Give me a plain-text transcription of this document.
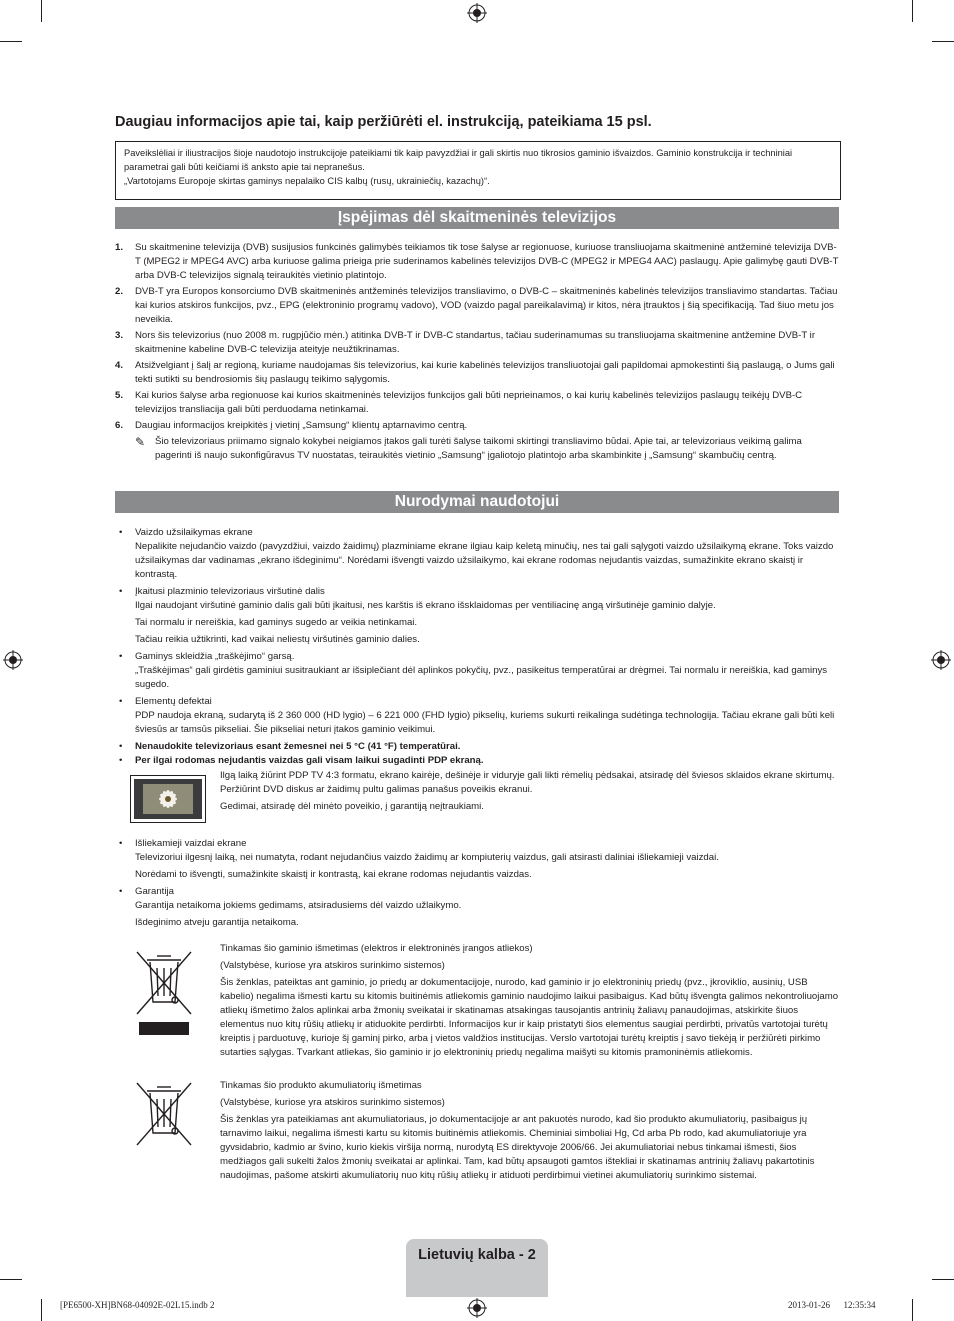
Daugiau informacijos apie tai, kaip peržiūrėti el. instrukciją, pateikiama 15 psl.

Paveikslėliai ir iliustracijos šioje naudotojo instrukcijoje pateikiami tik kaip pavyzdžiai ir gali skirtis nuo tikrosios gaminio išvaizdos. Gaminio konstrukcija ir techniniai parametrai gali būti keičiami iš anksto apie tai nepranešus.

„Vartotojams Europoje skirtas gaminys nepalaiko CIS kalbų (rusų, ukrainiečių, kazachų)“.

Įspėjimas dėl skaitmeninės televizijos
1. Su skaitmenine televizija (DVB) susijusios funkcinės galimybės teikiamos tik tose šalyse ar regionuose, kuriuose transliuojama skaitmeninė antžeminė televizija DVB-T (MPEG2 ir MPEG4 AVC) arba kuriuose galima prieiga prie suderinamos kabelinės televizijos DVB-C (MPEG2 ir MPEG4 AAC) paslaugų. Apie galimybę gauti DVB-T arba DVB-C televizijos signalą teiraukitės vietinio platintojo.
2. DVB-T yra Europos konsorciumo DVB skaitmeninės antžeminės televizijos transliavimo, o DVB-C – skaitmeninės kabelinės televizijos transliavimo standartas. Tačiau kai kurios atskiros funkcijos, pvz., EPG (elektroninio programų vadovo), VOD (vaizdo pagal pareikalavimą) ir kitos, nėra įtrauktos į šią specifikaciją. Tad šiuo metu jos neveikia.
3. Nors šis televizorius (nuo 2008 m. rugpjūčio mėn.) atitinka DVB-T ir DVB-C standartus, tačiau suderinamumas su transliuojama skaitmenine antžemine DVB-T ir skaitmenine kabeline DVB-C televizija ateityje neužtikrinamas.
4. Atsižvelgiant į šalį ar regioną, kuriame naudojamas šis televizorius, kai kurie kabelinės televizijos transliuotojai gali papildomai apmokestinti šią paslaugą, o Jums gali tekti sutikti su bendrosiomis šių paslaugų teikimo sąlygomis.
5. Kai kurios šalyse arba regionuose kai kurios skaitmeninės televizijos funkcijos gali būti neprieinamos, o kai kurių kabelinės televizijos paslaugų teikėjų DVB-C televizijos transliacija gali būti perduodama netinkamai.
6. Daugiau informacijos kreipkitės į vietinį „Samsung“ klientų aptarnavimo centrą.
✎ Šio televizoriaus priimamo signalo kokybei neigiamos įtakos gali turėti šalyse taikomi skirtingi transliavimo būdai. Apie tai, ar televizoriaus veikimą galima pagerinti iš naujo sukonfigūravus TV nuostatas, teiraukitės vietinio „Samsung“ įgaliotojo platintojo arba skambinkite į „Samsung“ skambučių centrą.
Nurodymai naudotojui
• Vaizdo užsilaikymas ekrane
Nepalikite nejudančio vaizdo (pavyzdžiui, vaizdo žaidimų) plazminiame ekrane ilgiau kaip keletą minučių, nes tai gali sąlygoti vaizdo užsilaikymą ekrane. Toks vaizdo užsilaikymas dar vadinamas „ekrano išdeginimu“. Norėdami išvengti vaizdo užsilaikymo, kai ekrane rodomas nejudantis vaizdas, sumažinkite ekrano skaistį ir kontrastą.
• Įkaitusi plazminio televizoriaus viršutinė dalis
Ilgai naudojant viršutinė gaminio dalis gali būti įkaitusi, nes karštis iš ekrano išsklaidomas per ventiliacinę angą viršutinėje gaminio dalyje.
Tai normalu ir nereiškia, kad gaminys sugedo ar veikia netinkamai.
Tačiau reikia užtikrinti, kad vaikai neliestų viršutinės gaminio dalies.
• Gaminys skleidžia „traškėjimo“ garsą.
„Traškėjimas“ gali girdėtis gaminiui susitraukiant ar išsiplečiant dėl aplinkos pokyčių, pvz., pasikeitus temperatūrai ar drėgmei. Tai normalu ir nereiškia, kad gaminys sugedo.
• Elementų defektai
PDP naudoja ekraną, sudarytą iš 2 360 000 (HD lygio) – 6 221 000 (FHD lygio) pikselių, kuriems sukurti reikalinga sudėtinga technologija. Tačiau ekrane gali būti keli šviesūs ar tamsūs pikseliai. Šie pikseliai neturi įtakos gaminio veikimui.
• Nenaudokite televizoriaus esant žemesnei nei 5 °C (41 °F) temperatūrai.
• Per ilgai rodomas nejudantis vaizdas gali visam laikui sugadinti PDP ekraną.
Ilgą laiką žiūrint PDP TV 4:3 formatu, ekrano kairėje, dešinėje ir viduryje gali likti rėmelių pėdsakai, atsiradę dėl šviesos sklaidos ekrane skirtumų. Peržiūrint DVD diskus ar žaidimų pultu galimas panašus poveikis ekranui.
Gedimai, atsiradę dėl minėto poveikio, į garantiją neįtraukiami.
• Išliekamieji vaizdai ekrane
Televizoriui ilgesnį laiką, nei numatyta, rodant nejudančius vaizdo žaidimų ar kompiuterių vaizdus, gali atsirasti daliniai išliekamieji vaizdai.
Norėdami to išvengti, sumažinkite skaistį ir kontrastą, kai ekrane rodomas nejudantis vaizdas.
• Garantija
Garantija netaikoma jokiems gedimams, atsiradusiems dėl vaizdo užlaikymo.
Išdeginimo atveju garantija netaikoma.
Tinkamas šio gaminio išmetimas (elektros ir elektroninės įrangos atliekos)
(Valstybėse, kuriose yra atskiros surinkimo sistemos)
Šis ženklas, pateiktas ant gaminio, jo priedų ar dokumentacijoje, nurodo, kad gaminio ir jo elektroninių priedų (pvz., įkroviklio, ausinių, USB kabelio) negalima išmesti kartu su kitomis buitinėmis atliekomis gaminio naudojimo laikui pasibaigus. Kad būtų išvengta galimos nekontroliuojamo atliekų išmetimo žalos aplinkai arba žmonių sveikatai ir skatinamas atsakingas tausojantis antrinių žaliavų panaudojimas, atskirkite šiuos elementus nuo kitų rūšių atliekų ir atiduokite perdirbti. Informacijos kur ir kaip pristatyti šios elementus saugiai perdirbti, privatūs vartotojai turėtų kreiptis į parduotuvę, kurioje šį gaminį pirko, arba į vietos valdžios institucijas. Verslo vartotojai turėtų kreiptis į savo tiekėją ir peržiūrėti pirkimo sutarties sąlygas. Tvarkant atliekas, šio gaminio ir jo elektroninių priedų negalima maišyti su kitomis pramoninėmis atliekomis.
Tinkamas šio produkto akumuliatorių išmetimas
(Valstybėse, kuriose yra atskiros surinkimo sistemos)
Šis ženklas yra pateikiamas ant akumuliatoriaus, jo dokumentacijoje ar ant pakuotės nurodo, kad šio produkto akumuliatorių, pasibaigus jų tarnavimo laikui, negalima išmesti kartu su kitomis buitinėmis atliekomis. Cheminiai simboliai Hg, Cd arba Pb rodo, kad akumuliatoriuje yra gyvsidabrio, kadmio ar švino, kurio kiekis viršija normą, nurodytą ES direktyvoje 2006/66. Jei akumuliatoriai nebus tinkamai išmesti, šios medžiagos gali sukelti žalos žmonių sveikatai ar aplinkai. Tam, kad būtų apsaugoti gamtos ištekliai ir skatinamas antrinių žaliavų pakartotinis naudojimas, pašome atskirti akumuliatorių nuo kitų rūšių atliekų ir atiduoti perdirbimui vietinei akumuliatorių surinkimo sistemai.
Lietuvių kalba - 2
[PE6500-XH]BN68-04092E-02L15.indb 2	2013-01-26   12:35:34
